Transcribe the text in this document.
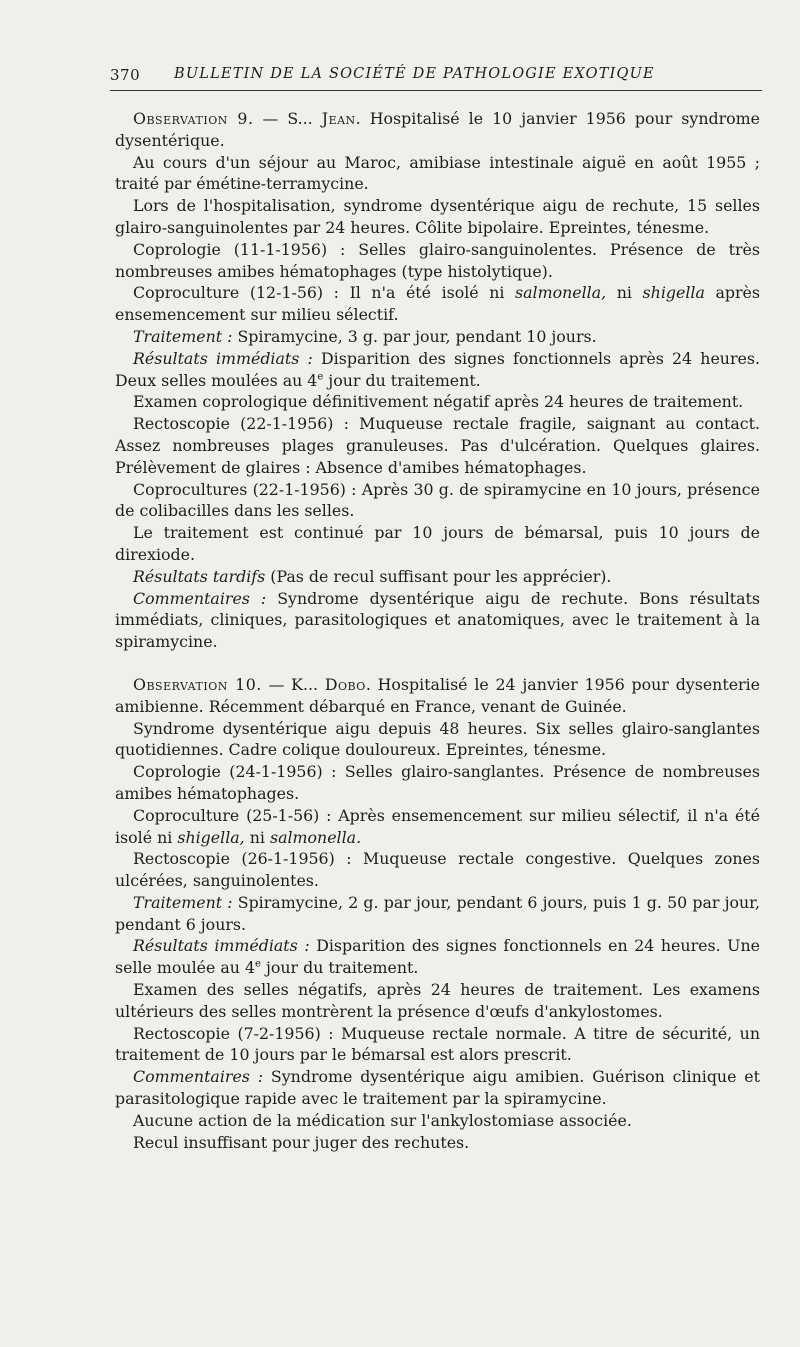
370 BULLETIN DE LA SOCIÉTÉ DE PATHOLOGIE EXOTIQUE

Observation 9. — S... Jean. Hospitalisé le 10 janvier 1956 pour syndrome dysentérique.

Au cours d'un séjour au Maroc, amibiase intestinale aiguë en août 1955 ; traité par émétine-terramycine.

Lors de l'hospitalisation, syndrome dysentérique aigu de rechute, 15 selles glairo-sanguinolentes par 24 heures. Côlite bipolaire. Epreintes, ténesme.

Coprologie (11-1-1956) : Selles glairo-sanguinolentes. Présence de très nombreuses amibes hématophages (type histolytique).

Coproculture (12-1-56) : Il n'a été isolé ni salmonella, ni shigella après ensemencement sur milieu sélectif.

Traitement : Spiramycine, 3 g. par jour, pendant 10 jours.

Résultats immédiats : Disparition des signes fonctionnels après 24 heures. Deux selles moulées au 4e jour du traitement.

Examen coprologique définitivement négatif après 24 heures de traitement.

Rectoscopie (22-1-1956) : Muqueuse rectale fragile, saignant au contact. Assez nombreuses plages granuleuses. Pas d'ulcération. Quelques glaires. Prélèvement de glaires : Absence d'amibes hématophages.

Coprocultures (22-1-1956) : Après 30 g. de spiramycine en 10 jours, présence de colibacilles dans les selles.

Le traitement est continué par 10 jours de bémarsal, puis 10 jours de direxiode.

Résultats tardifs (Pas de recul suffisant pour les apprécier).

Commentaires : Syndrome dysentérique aigu de rechute. Bons résultats immédiats, cliniques, parasitologiques et anatomiques, avec le traitement à la spiramycine.

Observation 10. — K... Dobo. Hospitalisé le 24 janvier 1956 pour dysenterie amibienne. Récemment débarqué en France, venant de Guinée.

Syndrome dysentérique aigu depuis 48 heures. Six selles glairo-sanglantes quotidiennes. Cadre colique douloureux. Epreintes, ténesme.

Coprologie (24-1-1956) : Selles glairo-sanglantes. Présence de nombreuses amibes hématophages.

Coproculture (25-1-56) : Après ensemencement sur milieu sélectif, il n'a été isolé ni shigella, ni salmonella.

Rectoscopie (26-1-1956) : Muqueuse rectale congestive. Quelques zones ulcérées, sanguinolentes.

Traitement : Spiramycine, 2 g. par jour, pendant 6 jours, puis 1 g. 50 par jour, pendant 6 jours.

Résultats immédiats : Disparition des signes fonctionnels en 24 heures. Une selle moulée au 4e jour du traitement.

Examen des selles négatifs, après 24 heures de traitement. Les examens ultérieurs des selles montrèrent la présence d'œufs d'ankylostomes.

Rectoscopie (7-2-1956) : Muqueuse rectale normale. A titre de sécurité, un traitement de 10 jours par le bémarsal est alors prescrit.

Commentaires : Syndrome dysentérique aigu amibien. Guérison clinique et parasitologique rapide avec le traitement par la spiramycine.

Aucune action de la médication sur l'ankylostomiase associée.

Recul insuffisant pour juger des rechutes.
